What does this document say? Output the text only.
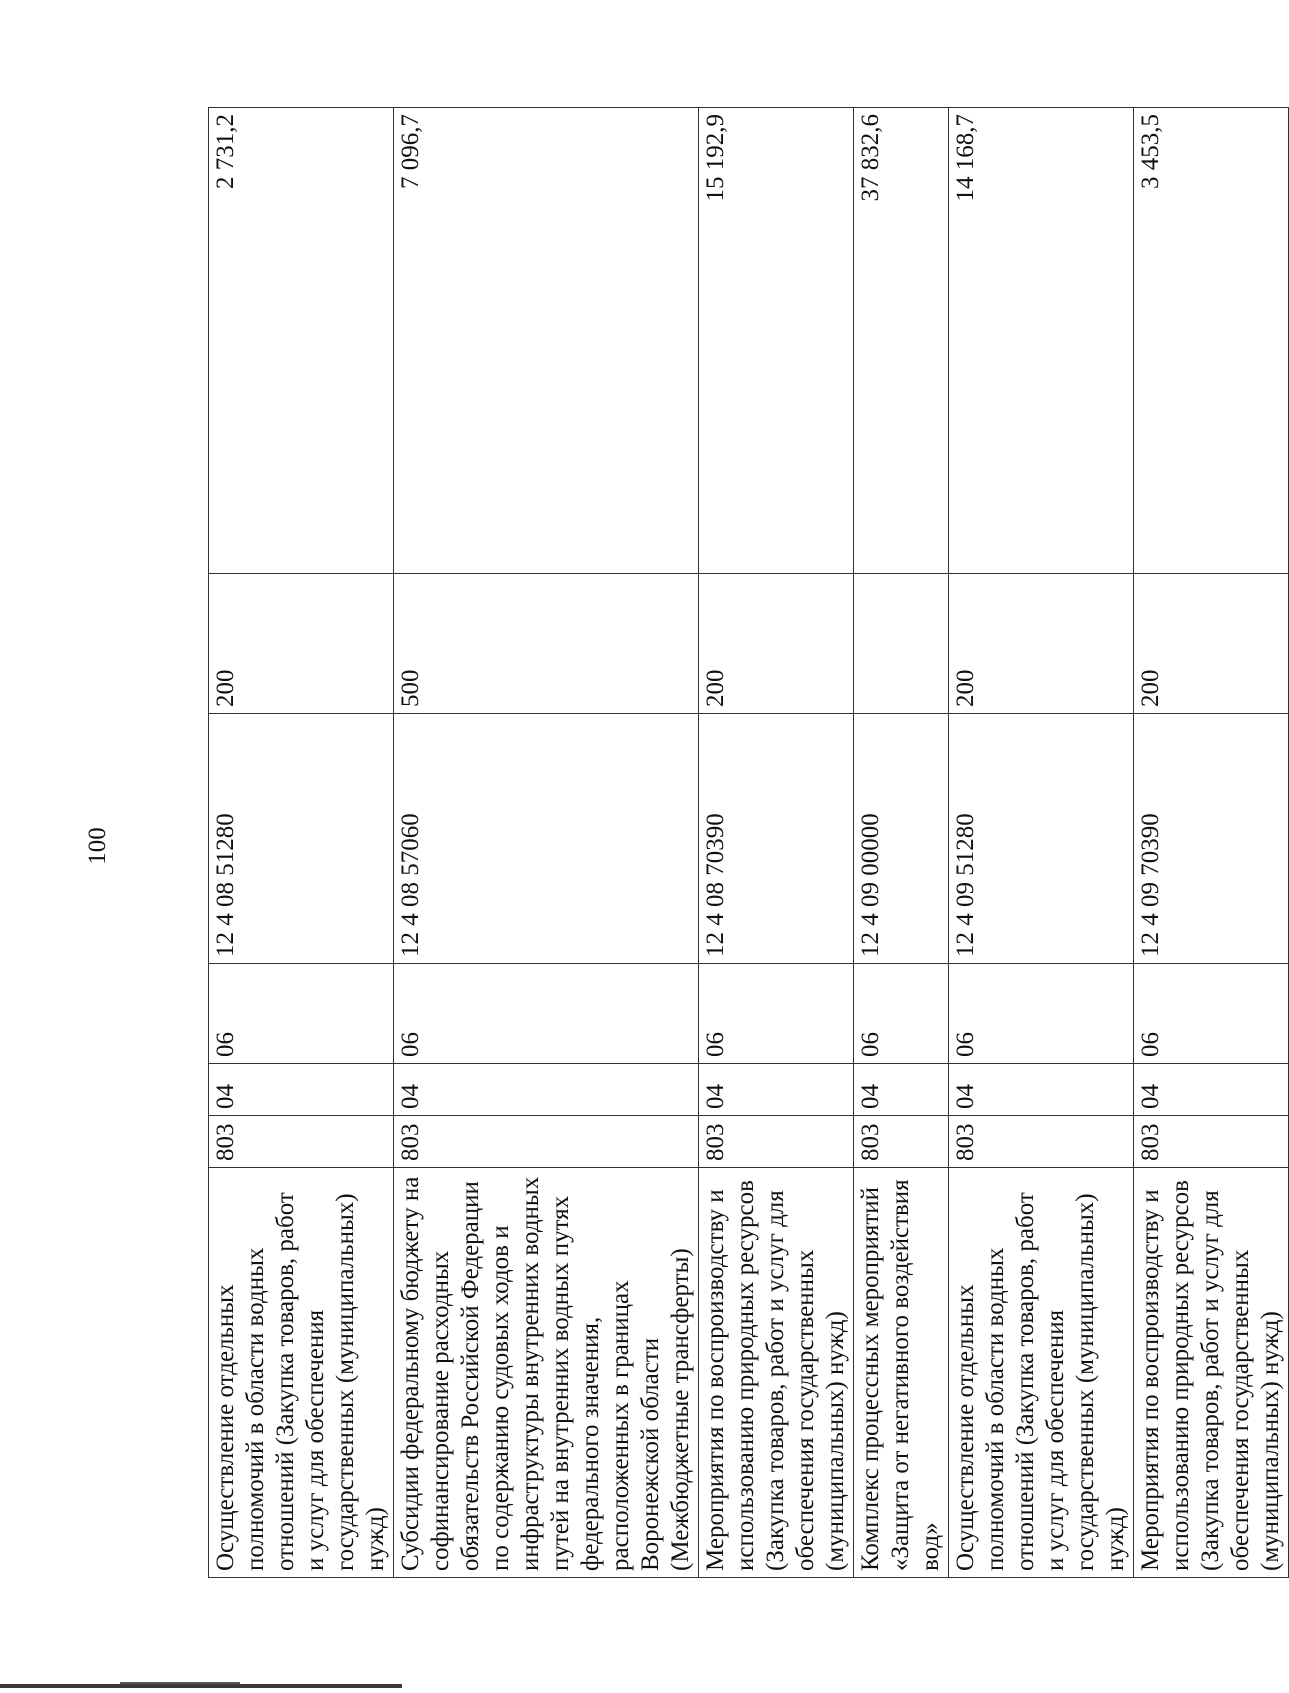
100
Осуществление отдельных полномочий в области водных отношений (Закупка товаров, работ и услуг для обеспечения государственных (муниципальных) нужд)	803	04	06	12 4 08 51280	200	2 731,2
Субсидии федеральному бюджету на софинансирование расходных обязательств Российской Федерации по содержанию судовых ходов и инфраструктуры внутренних водных путей на внутренних водных путях федерального значения, расположенных в границах Воронежской области (Межбюджетные трансферты)	803	04	06	12 4 08 57060	500	7 096,7
Мероприятия по воспроизводству и использованию природных ресурсов (Закупка товаров, работ и услуг для обеспечения государственных (муниципальных) нужд)	803	04	06	12 4 08 70390	200	15 192,9
Комплекс процессных мероприятий «Защита от негативного воздействия вод»	803	04	06	12 4 09 00000		37 832,6
Осуществление отдельных полномочий в области водных отношений (Закупка товаров, работ и услуг для обеспечения государственных (муниципальных) нужд)	803	04	06	12 4 09 51280	200	14 168,7
Мероприятия по воспроизводству и использованию природных ресурсов (Закупка товаров, работ и услуг для обеспечения государственных (муниципальных) нужд)	803	04	06	12 4 09 70390	200	3 453,5
